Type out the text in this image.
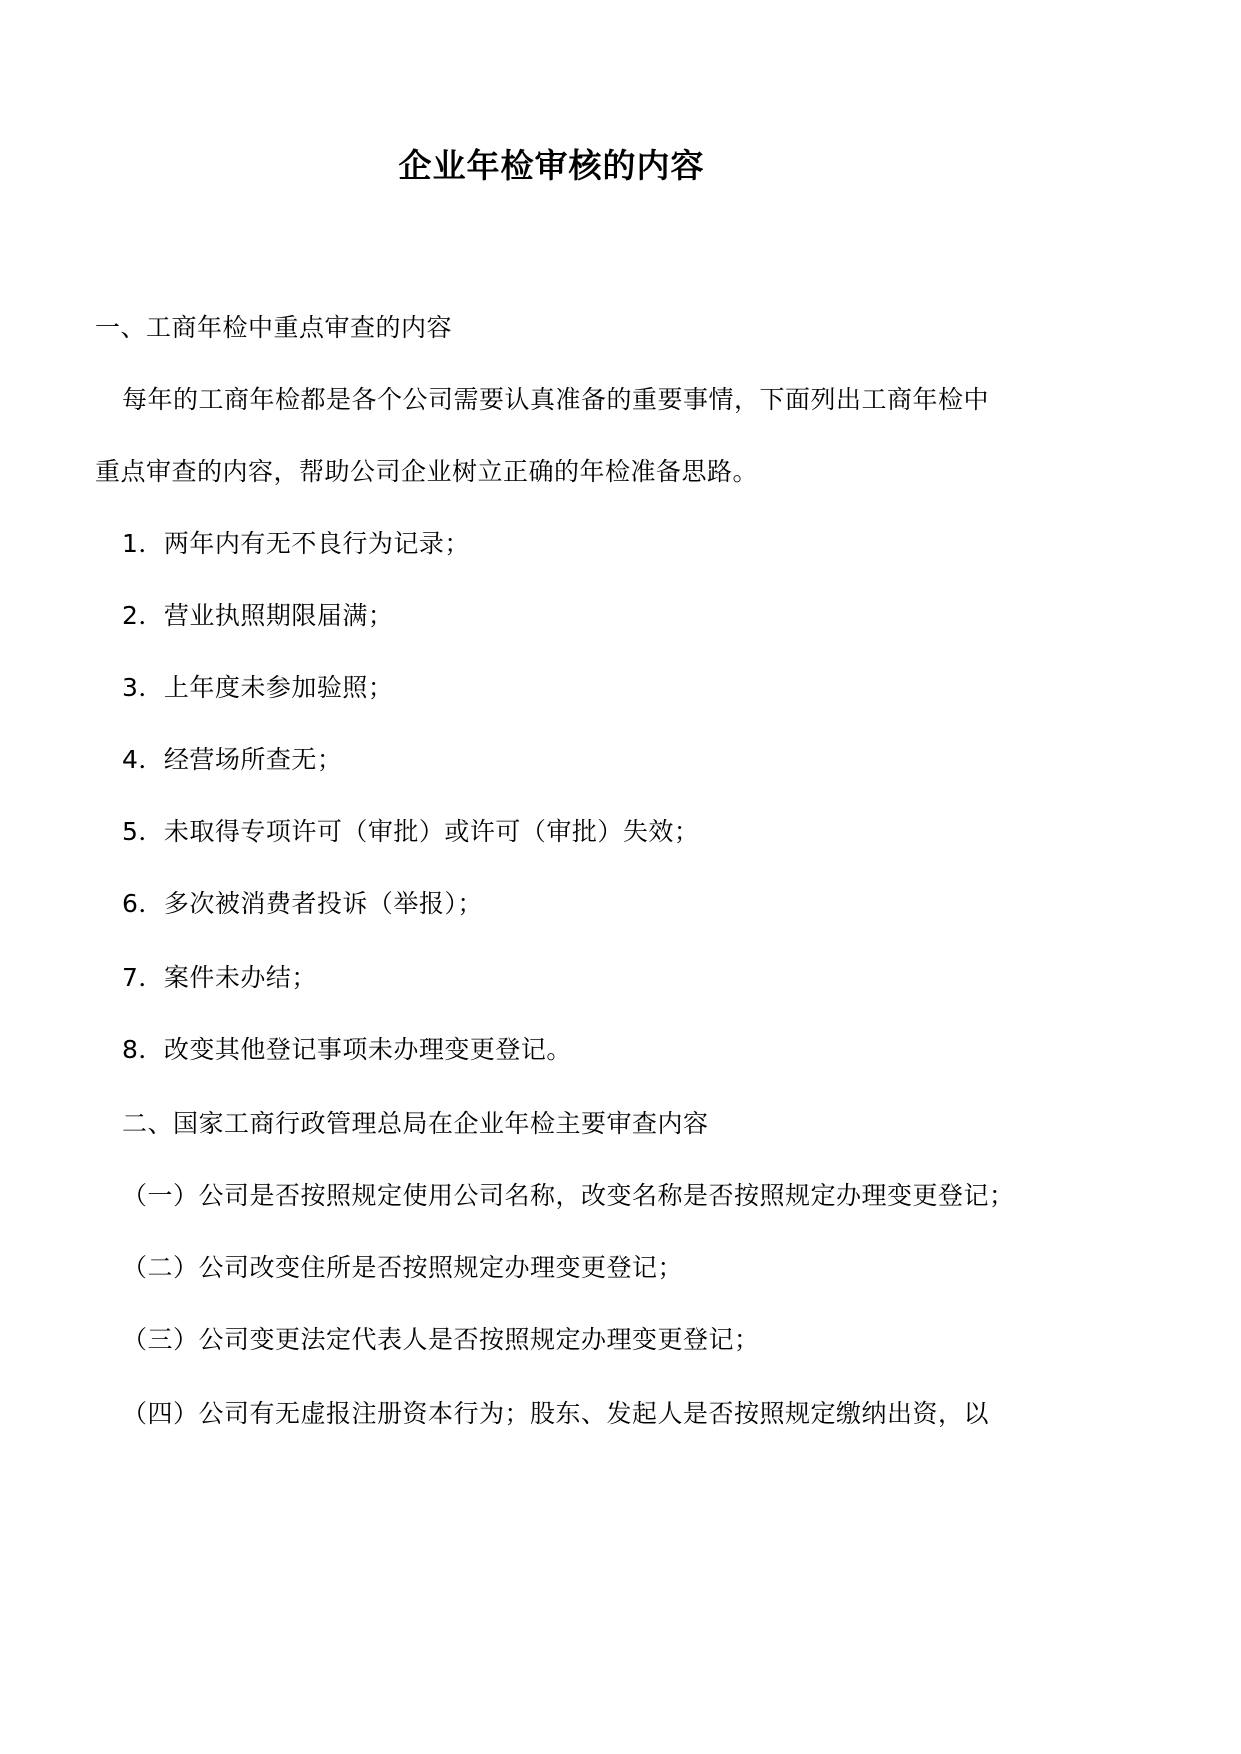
企业年检审核的内容

一、工商年检中重点审查的内容

每年的工商年检都是各个公司需要认真准备的重要事情，下面列出工商年检中

重点审查的内容，帮助公司企业树立正确的年检准备思路。

1．两年内有无不良行为记录；

2．营业执照期限届满；

3．上年度未参加验照；

4．经营场所查无；

5．未取得专项许可（审批）或许可（审批）失效；

6．多次被消费者投诉（举报）；

7．案件未办结；

8．改变其他登记事项未办理变更登记。

二、国家工商行政管理总局在企业年检主要审查内容

（一）公司是否按照规定使用公司名称，改变名称是否按照规定办理变更登记；

（二）公司改变住所是否按照规定办理变更登记；

（三）公司变更法定代表人是否按照规定办理变更登记；

（四）公司有无虚报注册资本行为；股东、发起人是否按照规定缴纳出资，以
